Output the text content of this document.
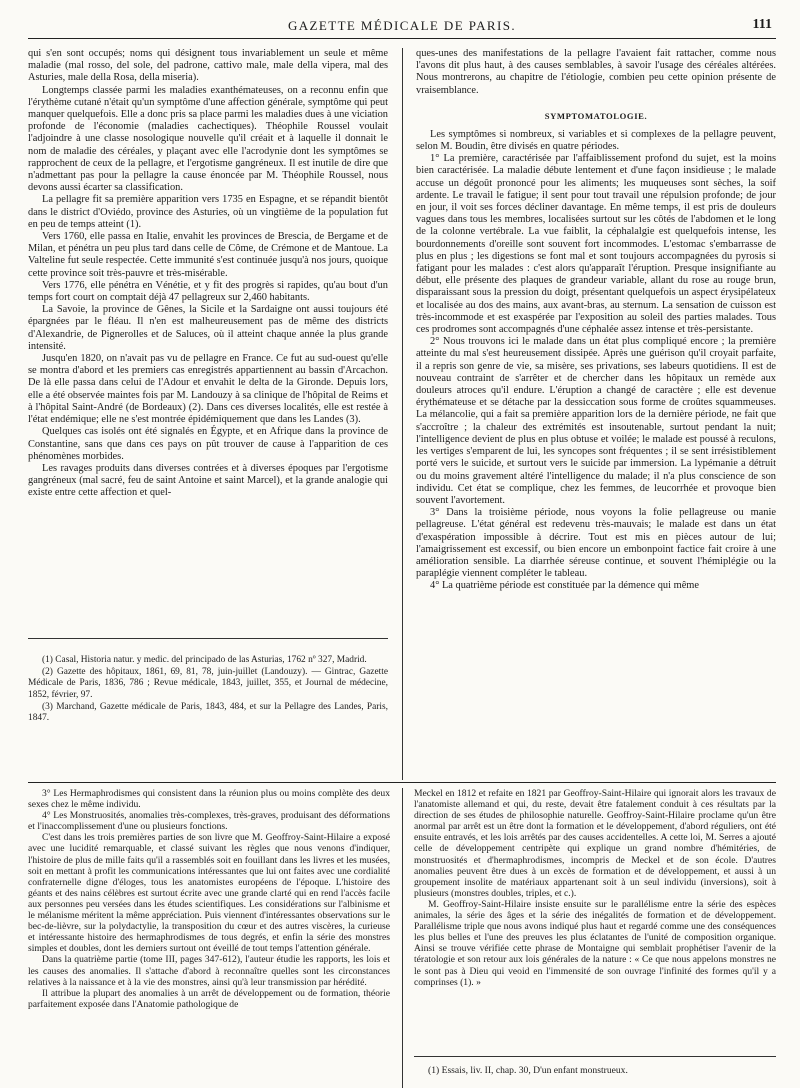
GAZETTE MÉDICALE DE PARIS.	111

qui s'en sont occupés; noms qui désignent tous invariablement un seule et même maladie (mal rosso, del sole, del padrone, cattivo male, male della vipera, mal des Asturies, male della Rosa, della miseria).

Longtemps classée parmi les maladies exanthémateuses, on a reconnu enfin que l'érythème cutané n'était qu'un symptôme d'une affection générale, symptôme qui peut manquer quelquefois. Elle a donc pris sa place parmi les maladies dues à une viciation profonde de l'économie (maladies cachectiques). Théophile Roussel voulait l'adjoindre à une classe nosologique nouvelle qu'il créait et à laquelle il donnait le nom de maladie des céréales, y plaçant avec elle l'acrodynie dont les symptômes se rapprochent de ceux de la pellagre, et l'ergotisme gangréneux. Il est inutile de dire que n'admettant pas pour la pellagre la cause énoncée par M. Théophile Roussel, nous devons aussi écarter sa classification.

La pellagre fit sa première apparition vers 1735 en Espagne, et se répandit bientôt dans le district d'Oviédo, province des Asturies, où un vingtième de la population fut en peu de temps atteint (1).

Vers 1760, elle passa en Italie, envahit les provinces de Brescia, de Bergame et de Milan, et pénétra un peu plus tard dans celle de Côme, de Crémone et de Mantoue. La Valteline fut seule respectée. Cette immunité s'est continuée jusqu'à nos jours, quoique cette province soit très-pauvre et très-misérable.

Vers 1776, elle pénétra en Vénétie, et y fit des progrès si rapides, qu'au bout d'un temps fort court on comptait déjà 47 pellagreux sur 2,460 habitants.

La Savoie, la province de Gênes, la Sicile et la Sardaigne ont aussi toujours été épargnées par le fléau. Il n'en est malheureusement pas de même des districts d'Alexandrie, de Pignerolles et de Saluces, où il atteint chaque année la plus grande intensité.

Jusqu'en 1820, on n'avait pas vu de pellagre en France. Ce fut au sud-ouest qu'elle se montra d'abord et les premiers cas enregistrés appartiennent au bassin d'Arcachon. De là elle passa dans celui de l'Adour et envahit le delta de la Gironde. Depuis lors, elle a été observée maintes fois par M. Landouzy à sa clinique de l'hôpital de Reims et à l'hôpital Saint-André (de Bordeaux) (2). Dans ces diverses localités, elle est restée à l'état endémique; elle ne s'est montrée épidémiquement que dans les Landes (3).

Quelques cas isolés ont été signalés en Égypte, et en Afrique dans la province de Constantine, sans que dans ces pays on pût trouver de cause à l'apparition de ces phénomènes morbides.

Les ravages produits dans diverses contrées et à diverses époques par l'ergotisme gangréneux (mal sacré, feu de saint Antoine et saint Marcel), et la grande analogie qui existe entre cette affection et quel-

(1) Casal, Historia natur. y medic. del principado de las Asturias, 1762 nº 327, Madrid.

(2) Gazette des hôpitaux, 1861, 69, 81, 78, juin-juillet (Landouzy). — Gintrac, Gazette Médicale de Paris, 1836, 786 ; Revue médicale, 1843, juillet, 355, et Journal de médecine, 1852, février, 97.

(3) Marchand, Gazette médicale de Paris, 1843, 484, et sur la Pellagre des Landes, Paris, 1847.

ques-unes des manifestations de la pellagre l'avaient fait rattacher, comme nous l'avons dit plus haut, à des causes semblables, à savoir l'usage des céréales altérées. Nous montrerons, au chapitre de l'étiologie, combien peu cette opinion présente de vraisemblance.

SYMPTOMATOLOGIE.

Les symptômes si nombreux, si variables et si complexes de la pellagre peuvent, selon M. Boudin, être divisés en quatre périodes.

1° La première, caractérisée par l'affaiblissement profond du sujet, est la moins bien caractérisée. La maladie débute lentement et d'une façon insidieuse ; le malade accuse un dégoût prononcé pour les aliments; les muqueuses sont sèches, la soif ardente. Le travail le fatigue; il sent pour tout travail une répulsion profonde; de jour en jour, il voit ses forces décliner davantage. En même temps, il est pris de douleurs vagues dans tous les membres, localisées surtout sur les côtés de l'abdomen et le long de la colonne vertébrale. La vue faiblit, la céphalalgie est quelquefois intense, les bourdonnements d'oreille sont souvent fort incommodes. L'estomac s'embarrasse de plus en plus ; les digestions se font mal et sont toujours accompagnées du pyrosis si fatigant pour les malades : c'est alors qu'apparaît l'éruption. Presque insignifiante au début, elle présente des plaques de grandeur variable, allant du rose au rouge brun, disparaissant sous la pression du doigt, présentant quelquefois un aspect érysipélateux et localisée au dos des mains, aux avant-bras, au sternum. La sensation de cuisson est très-incommode et est exaspérée par l'exposition au soleil des parties malades. Tous ces prodromes sont accompagnés d'une céphalée assez intense et très-persistante.

2° Nous trouvons ici le malade dans un état plus compliqué encore ; la première atteinte du mal s'est heureusement dissipée. Après une guérison qu'il croyait parfaite, il a repris son genre de vie, sa misère, ses privations, ses labeurs quotidiens. Il est de nouveau contraint de s'arrêter et de chercher dans les hôpitaux un remède aux douleurs atroces qu'il endure. L'éruption a changé de caractère ; elle est devenue érythémateuse et se détache par la dessiccation sous forme de croûtes squammeuses. La mélancolie, qui a fait sa première apparition lors de la dernière période, ne fait que s'accroître ; la chaleur des extrémités est insoutenable, surtout pendant la nuit; l'intelligence devient de plus en plus obtuse et voilée; le malade est poussé à reculons, les vertiges s'emparent de lui, les syncopes sont fréquentes ; il se sent irrésistiblement porté vers le suicide, et surtout vers le suicide par immersion. La lypémanie a détruit ou du moins gravement altéré l'intelligence du malade; il n'a plus conscience de son individu. Cet état se complique, chez les femmes, de leucorrhée et provoque bien souvent l'avortement.

3° Dans la troisième période, nous voyons la folie pellagreuse ou manie pellagreuse. L'état général est redevenu très-mauvais; le malade est dans un état d'exaspération impossible à décrire. Tout est mis en pièces autour de lui; l'amaigrissement est excessif, ou bien encore un embonpoint factice fait croire à une amélioration sensible. La diarrhée séreuse continue, et souvent l'hémiplégie ou la paraplégie viennent compléter le tableau.

4° La quatrième période est constituée par la démence qui même

3° Les Hermaphrodismes qui consistent dans la réunion plus ou moins complète des deux sexes chez le même individu.

4° Les Monstruosités, anomalies très-complexes, très-graves, produisant des déformations et l'inaccomplissement d'une ou plusieurs fonctions.

C'est dans les trois premières parties de son livre que M. Geoffroy-Saint-Hilaire a exposé avec une lucidité remarquable, et classé suivant les règles que nous venons d'indiquer, l'histoire de plus de mille faits qu'il a rassemblés soit en fouillant dans les livres et les musées, soit en mettant à profit les communications intéressantes que lui ont faites avec une cordialité confraternelle digne d'éloges, tous les anatomistes européens de l'époque. L'histoire des géants et des nains célèbres est surtout écrite avec une grande clarté qui en rend l'accès facile aux personnes peu versées dans les études scientifiques. Les considérations sur l'albinisme et le mélanisme méritent la même appréciation. Puis viennent d'intéressantes observations sur le bec-de-lièvre, sur la polydactylie, la transposition du cœur et des autres viscères, la curieuse et intéressante histoire des hermaphrodismes de tous degrés, et enfin la série des monstres simples et doubles, dont les derniers surtout ont éveillé de tout temps l'attention générale.

Dans la quatrième partie (tome III, pages 347-612), l'auteur étudie les rapports, les lois et les causes des anomalies. Il s'attache d'abord à reconnaître quelles sont les circonstances relatives à la naissance et à la vie des monstres, ainsi qu'à leur transmission par hérédité.

Il attribue la plupart des anomalies à un arrêt de développement ou de formation, théorie parfaitement exposée dans l'Anatomie pathologique de

Meckel en 1812 et refaite en 1821 par Geoffroy-Saint-Hilaire qui ignorait alors les travaux de l'anatomiste allemand et qui, du reste, devait être fatalement conduit à ces résultats par la direction de ses études de philosophie naturelle. Geoffroy-Saint-Hilaire proclame qu'un être anormal par arrêt est un être dont la formation et le développement, d'abord réguliers, ont été ensuite entravés, et les lois arrêtés par des causes accidentelles. A cette loi, M. Serres a ajouté celle de développement centripète qui explique un grand nombre d'hémitéries, de monstruosités et d'hermaphrodismes, incompris de Meckel et de son école. D'autres anomalies peuvent être dues à un excès de formation et de développement, et aussi à un groupement insolite de matériaux appartenant soit à un seul individu (inversions), soit à plusieurs (monstres doubles, triples, et c.).

M. Geoffroy-Saint-Hilaire insiste ensuite sur le parallélisme entre la série des espèces animales, la série des âges et la série des inégalités de formation et de développement. Parallélisme triple que nous avons indiqué plus haut et regardé comme une des conséquences les plus belles et l'une des preuves les plus éclatantes de l'unité de composition organique. Ainsi se trouve vérifiée cette phrase de Montaigne qui semblait prophétiser l'avenir de la tératologie et son retour aux lois générales de la nature : « Ce que nous appelons monstres ne le sont pas à Dieu qui veoid en l'immensité de son ouvrage l'infinité des formes qu'il y a comprinses (1). »

(1) Essais, liv. II, chap. 30, D'un enfant monstrueux.
